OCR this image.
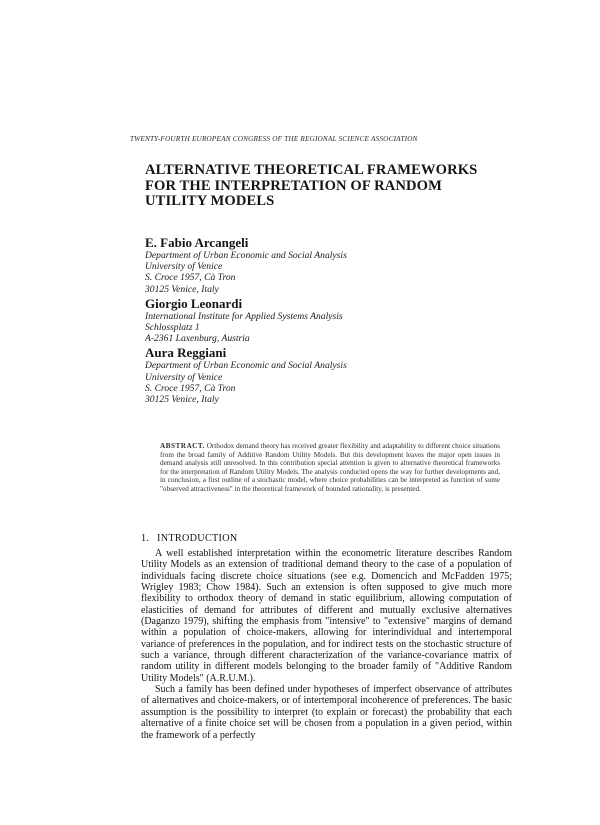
TWENTY-FOURTH EUROPEAN CONGRESS OF THE REGIONAL SCIENCE ASSOCIATION
ALTERNATIVE THEORETICAL FRAMEWORKS
FOR THE INTERPRETATION OF RANDOM
UTILITY MODELS
E. Fabio Arcangeli
Department of Urban Economic and Social Analysis
University of Venice
S. Croce 1957, Cà Tron
30125 Venice, Italy
Giorgio Leonardi
International Institute for Applied Systems Analysis
Schlossplatz 1
A-2361 Laxenburg, Austria
Aura Reggiani
Department of Urban Economic and Social Analysis
University of Venice
S. Croce 1957, Cà Tron
30125 Venice, Italy
ABSTRACT. Orthodox demand theory has received greater flexibility and adaptability to different choice situations from the broad family of Additive Random Utility Models. But this development leaves the major open issues in demand analysis still unresolved. In this contribution special attention is given to alternative theoretical frameworks for the interpretation of Random Utility Models. The analysis conducted opens the way for further developments and, in conclusion, a first outline of a stochastic model, where choice probabilities can be interpreted as function of some "observed attractiveness" in the theoretical framework of bounded rationality, is presented.
1. INTRODUCTION

A well established interpretation within the econometric literature describes Random Utility Models as an extension of traditional demand theory to the case of a population of individuals facing discrete choice situations (see e.g. Domencich and McFadden 1975; Wrigley 1983; Chow 1984). Such an extension is often supposed to give much more flexibility to orthodox theory of demand in static equilibrium, allowing computation of elasticities of demand for attributes of different and mutually exclusive alternatives (Daganzo 1979), shifting the emphasis from "intensive" to "extensive" margins of demand within a population of choice-makers, allowing for interindividual and intertemporal variance of preferences in the population, and for indirect tests on the stochastic structure of such a variance, through different characterization of the variance-covariance matrix of random utility in different models belonging to the broader family of "Additive Random Utility Models" (A.R.U.M.).

Such a family has been defined under hypotheses of imperfect observance of attributes of alternatives and choice-makers, or of intertemporal incoherence of preferences. The basic assumption is the possibility to interpret (to explain or forecast) the probability that each alternative of a finite choice set will be chosen from a population in a given period, within the framework of a perfectly
